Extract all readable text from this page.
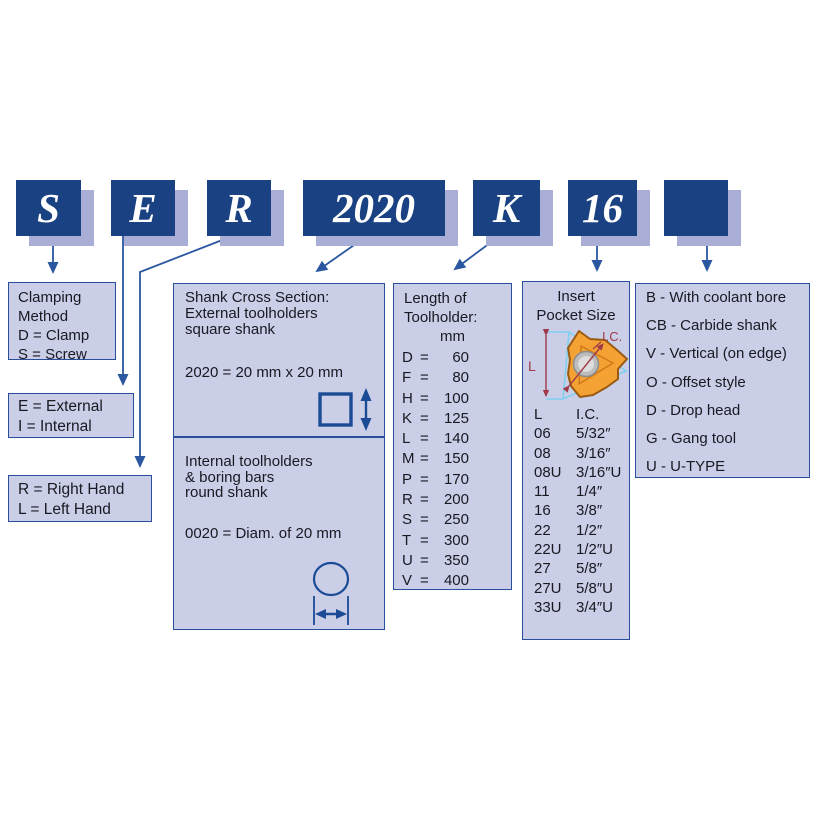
S E R 2020 K 16
Clamping
Method
D = Clamp
S = Screw
E = External
I = Internal
R = Right Hand
L = Left Hand
Shank Cross Section:
External toolholders
square shank
2020 = 20 mm x 20 mm
Internal toolholders
& boring bars
round shank
0020 = Diam. of 20 mm
Length of
Toolholder:
mm
D =	60
F =	80
H =	100
K =	125
L =	140
M =	150
P =	170
R =	200
S =	250
T =	300
U =	350
V =	400
Insert
Pocket Size
L
I.C.
L	I.C.
06	5/32″
08	3/16″
08U 3/16″U
11	1/4″
16	3/8″
22	1/2″
22U 1/2″U
27	5/8″
27U 5/8″U
33U 3/4″U
B - With coolant bore
CB - Carbide shank
V - Vertical (on edge)
O - Offset style
D - Drop head
G - Gang tool
U - U-TYPE
